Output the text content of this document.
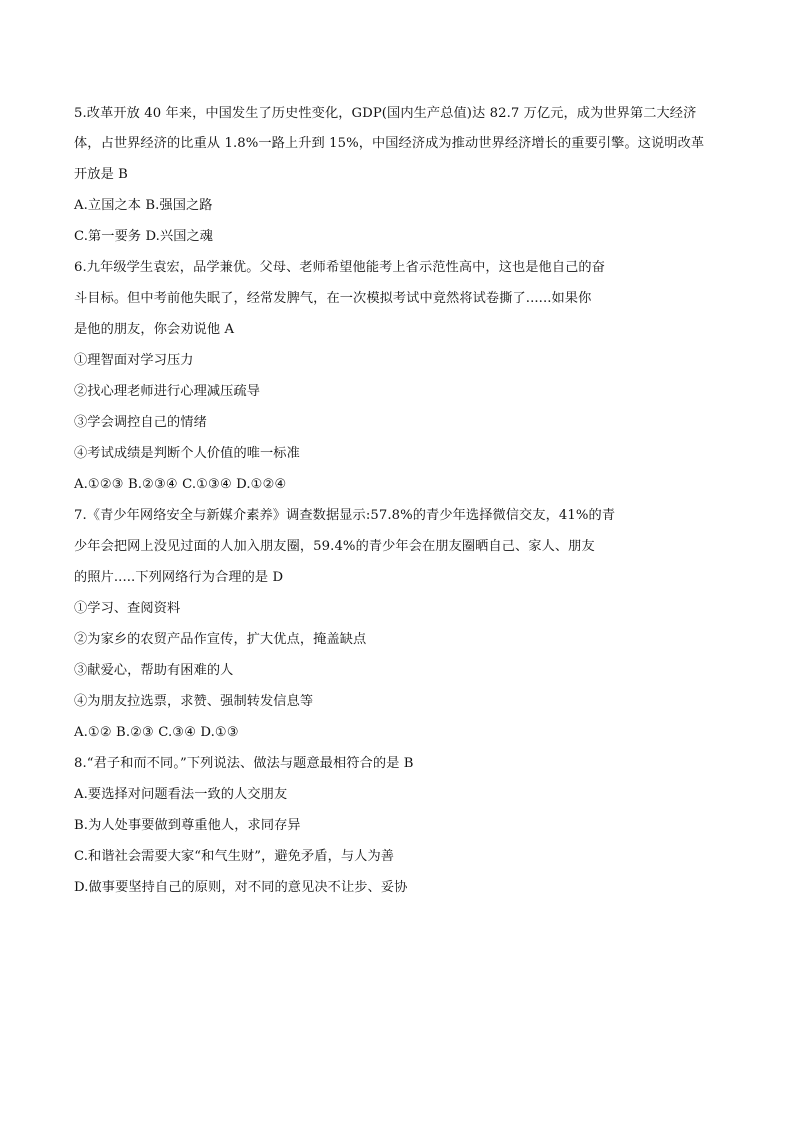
5.改革开放 40 年来，中国发生了历史性变化，GDP(国内生产总值)达 82.7 万亿元，成为世界第二大经济
体，占世界经济的比重从 1.8%一路上升到 15%，中国经济成为推动世界经济增长的重要引擎。这说明改革
开放是 B
A.立国之本 B.强国之路
C.第一要务 D.兴国之魂
6.九年级学生袁宏，品学兼优。父母、老师希望他能考上省示范性高中，这也是他自己的奋
斗目标。但中考前他失眠了，经常发脾气，在一次模拟考试中竟然将试卷撕了......如果你
是他的朋友，你会劝说他 A
①理智面对学习压力
②找心理老师进行心理减压疏导
③学会调控自己的情绪
④考试成绩是判断个人价值的唯一标准
A.①②③ B.②③④ C.①③④ D.①②④
7.《青少年网络安全与新媒介素养》调查数据显示:57.8%的青少年选择微信交友，41%的青
少年会把网上没见过面的人加入朋友圈，59.4%的青少年会在朋友圈晒自己、家人、朋友
的照片.....下列网络行为合理的是 D
①学习、查阅资料
②为家乡的农贸产品作宣传，扩大优点，掩盖缺点
③献爱心，帮助有困难的人
④为朋友拉选票，求赞、强制转发信息等
A.①② B.②③ C.③④ D.①③
8.“君子和而不同。”下列说法、做法与题意最相符合的是 B
A.要选择对问题看法一致的人交朋友
B.为人处事要做到尊重他人，求同存异
C.和谐社会需要大家“和气生财”，避免矛盾，与人为善
D.做事要坚持自己的原则，对不同的意见决不让步、妥协
